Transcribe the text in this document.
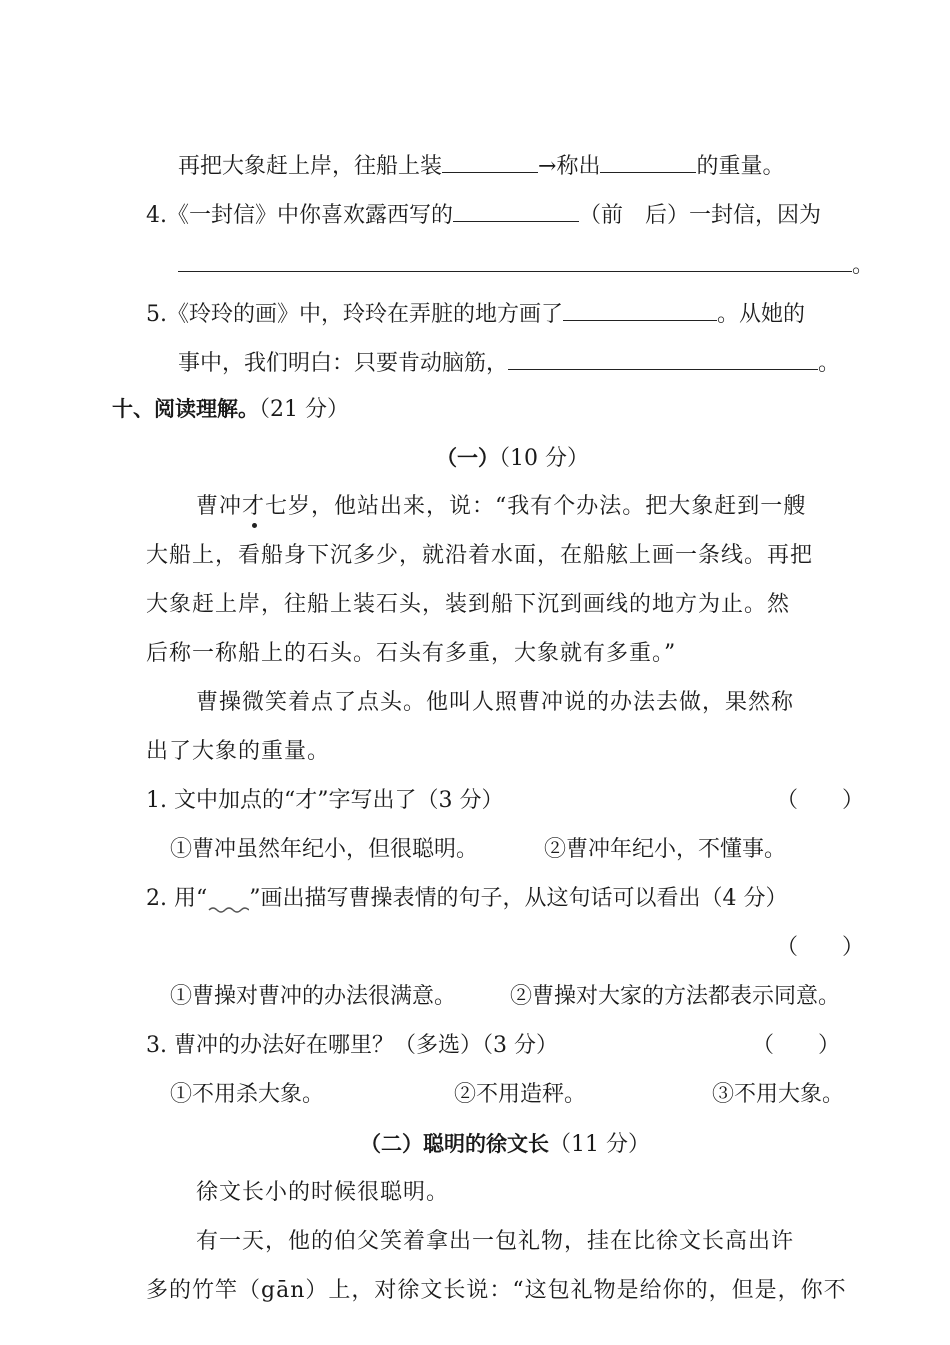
再把大象赶上岸，往船上装	→称出	的重量。
4.《一封信》中你喜欢露西写的	（前　后）一封信，因为
。
5.《玲玲的画》中，玲玲在弄脏的地方画了	。从她的
事中，我们明白：只要肯动脑筋，	。
十、阅读理解。（21 分）
（一）（10 分）
曹冲才七岁，他站出来，说：“我有个办法。把大象赶到一艘
大船上，看船身下沉多少，就沿着水面，在船舷上画一条线。再把
大象赶上岸，往船上装石头，装到船下沉到画线的地方为止。然
后称一称船上的石头。石头有多重，大象就有多重。”
曹操微笑着点了点头。他叫人照曹冲说的办法去做，果然称
出了大象的重量。
1. 文中加点的“才”字写出了（3 分）	（　　）
①曹冲虽然年纪小，但很聪明。	②曹冲年纪小，不懂事。
2. 用“ ”画出描写曹操表情的句子，从这句话可以看出（4 分）
（　　）
①曹操对曹冲的办法很满意。 ②曹操对大家的方法都表示同意。
3. 曹冲的办法好在哪里？（多选）（3 分）	（　　）
①不用杀大象。	②不用造秤。	③不用大象。
（二）聪明的徐文长（11 分）
徐文长小的时候很聪明。
有一天，他的伯父笑着拿出一包礼物，挂在比徐文长高出许
多的竹竿（gān）上，对徐文长说：“这包礼物是给你的，但是，你不
